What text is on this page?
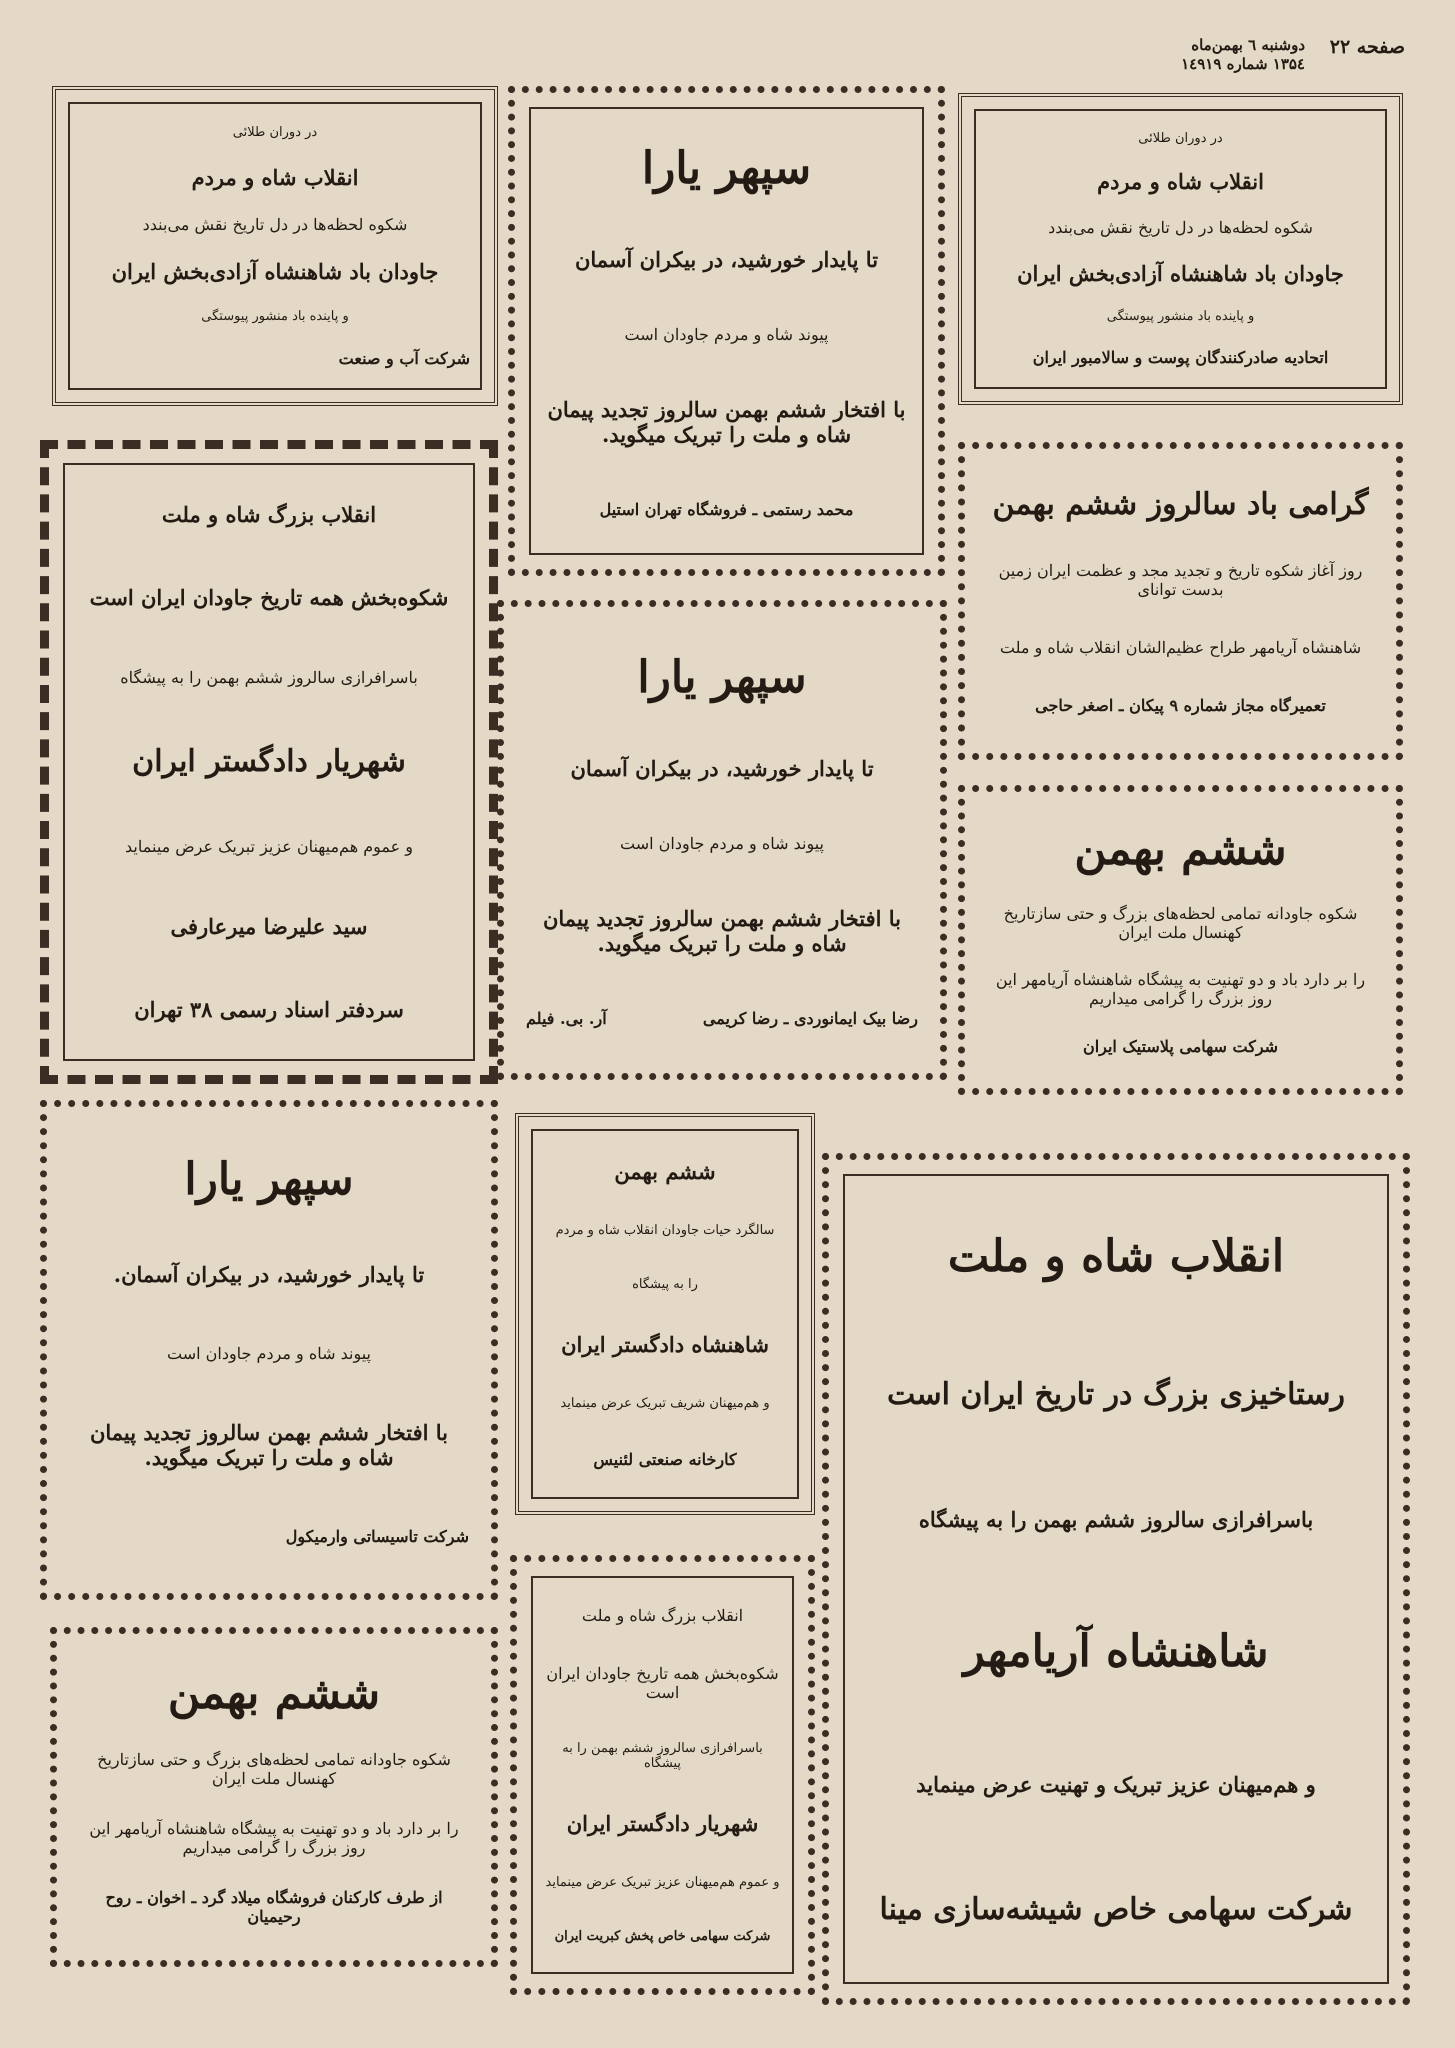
صفحه ۲۲
دوشنبه ٦ بهمن‌ماه
۱۳۵٤ شماره ۱٤۹۱۹
در دوران طلائی
انقلاب شاه و مردم
شکوه لحظه‌ها در دل تاریخ نقش می‌بندد
جاودان باد شاهنشاه آزادی‌بخش ایران
و پاینده باد منشور پیوستگی
شرکت آب و صنعت
سپهر یارا
تا پایدار خورشید، در بیکران آسمان
پیوند شاه و مردم جاودان است
با افتخار ششم بهمن سالروز تجدید پیمان شاه و ملت را تبریک میگوید.
محمد رستمی ـ فروشگاه تهران استیل
در دوران طلائی
انقلاب شاه و مردم
شکوه لحظه‌ها در دل تاریخ نقش می‌بندد
جاودان باد شاهنشاه آزادی‌بخش ایران
و پاینده باد منشور پیوستگی
اتحادیه صادرکنندگان پوست و سالامبور ایران
گرامی باد سالروز ششم بهمن
روز آغاز شکوه تاریخ و تجدید مجد و عظمت ایران زمین بدست توانای
شاهنشاه آریامهر طراح عظیم‌الشان انقلاب شاه و ملت
تعمیرگاه مجاز شماره ۹ پیکان ـ اصغر حاجی
انقلاب بزرگ شاه و ملت
شکوه‌بخش همه تاریخ جاودان ایران است
باسرافرازی سالروز ششم بهمن را به پیشگاه
شهریار دادگستر ایران
و عموم هم‌میهنان عزیز تبریک عرض مینماید
سید علیرضا میرعارفی
سردفتر اسناد رسمی ۳۸ تهران
سپهر یارا
تا پایدار خورشید، در بیکران آسمان
پیوند شاه و مردم جاودان است
با افتخار ششم بهمن سالروز تجدید پیمان شاه و ملت را تبریک میگوید.
رضا بیک ایمانوردی ـ رضا کریمی
آر. بی. فیلم
ششم بهمن
شکوه جاودانه تمامی لحظه‌های بزرگ و حتی سازتاریخ کهنسال ملت ایران
را بر دارد باد و دو تهنیت به پیشگاه شاهنشاه آریامهر این روز بزرگ را گرامی میداریم
شرکت سهامی پلاستیک ایران
سپهر یارا
تا پایدار خورشید، در بیکران آسمان.
پیوند شاه و مردم جاودان است
با افتخار ششم بهمن سالروز تجدید پیمان شاه و ملت را تبریک میگوید.
شرکت تاسیساتی وارمیکول
ششم بهمن
سالگرد حیات جاودان انقلاب شاه و مردم
را به پیشگاه
شاهنشاه دادگستر ایران
و هم‌میهنان شریف تبریک عرض مینماید
کارخانه صنعتی لئنیس
انقلاب شاه و ملت
رستاخیزی بزرگ در تاریخ ایران است
باسرافرازی سالروز ششم بهمن را به پیشگاه
شاهنشاه آریامهر
و هم‌میهنان عزیز تبریک و تهنیت عرض مینماید
شرکت سهامی خاص شیشه‌سازی مینا
ششم بهمن
شکوه جاودانه تمامی لحظه‌های بزرگ و حتی سازتاریخ کهنسال ملت ایران
را بر دارد باد و دو تهنیت به پیشگاه شاهنشاه آریامهر این روز بزرگ را گرامی میداریم
از طرف کارکنان فروشگاه میلاد گرد ـ اخوان ـ روح رحیمیان
انقلاب بزرگ شاه و ملت
شکوه‌بخش همه تاریخ جاودان ایران است
باسرافرازی سالروز ششم بهمن را به پیشگاه
شهریار دادگستر ایران
و عموم هم‌میهنان عزیز تبریک عرض مینماید
شرکت سهامی خاص پخش کبریت ایران
